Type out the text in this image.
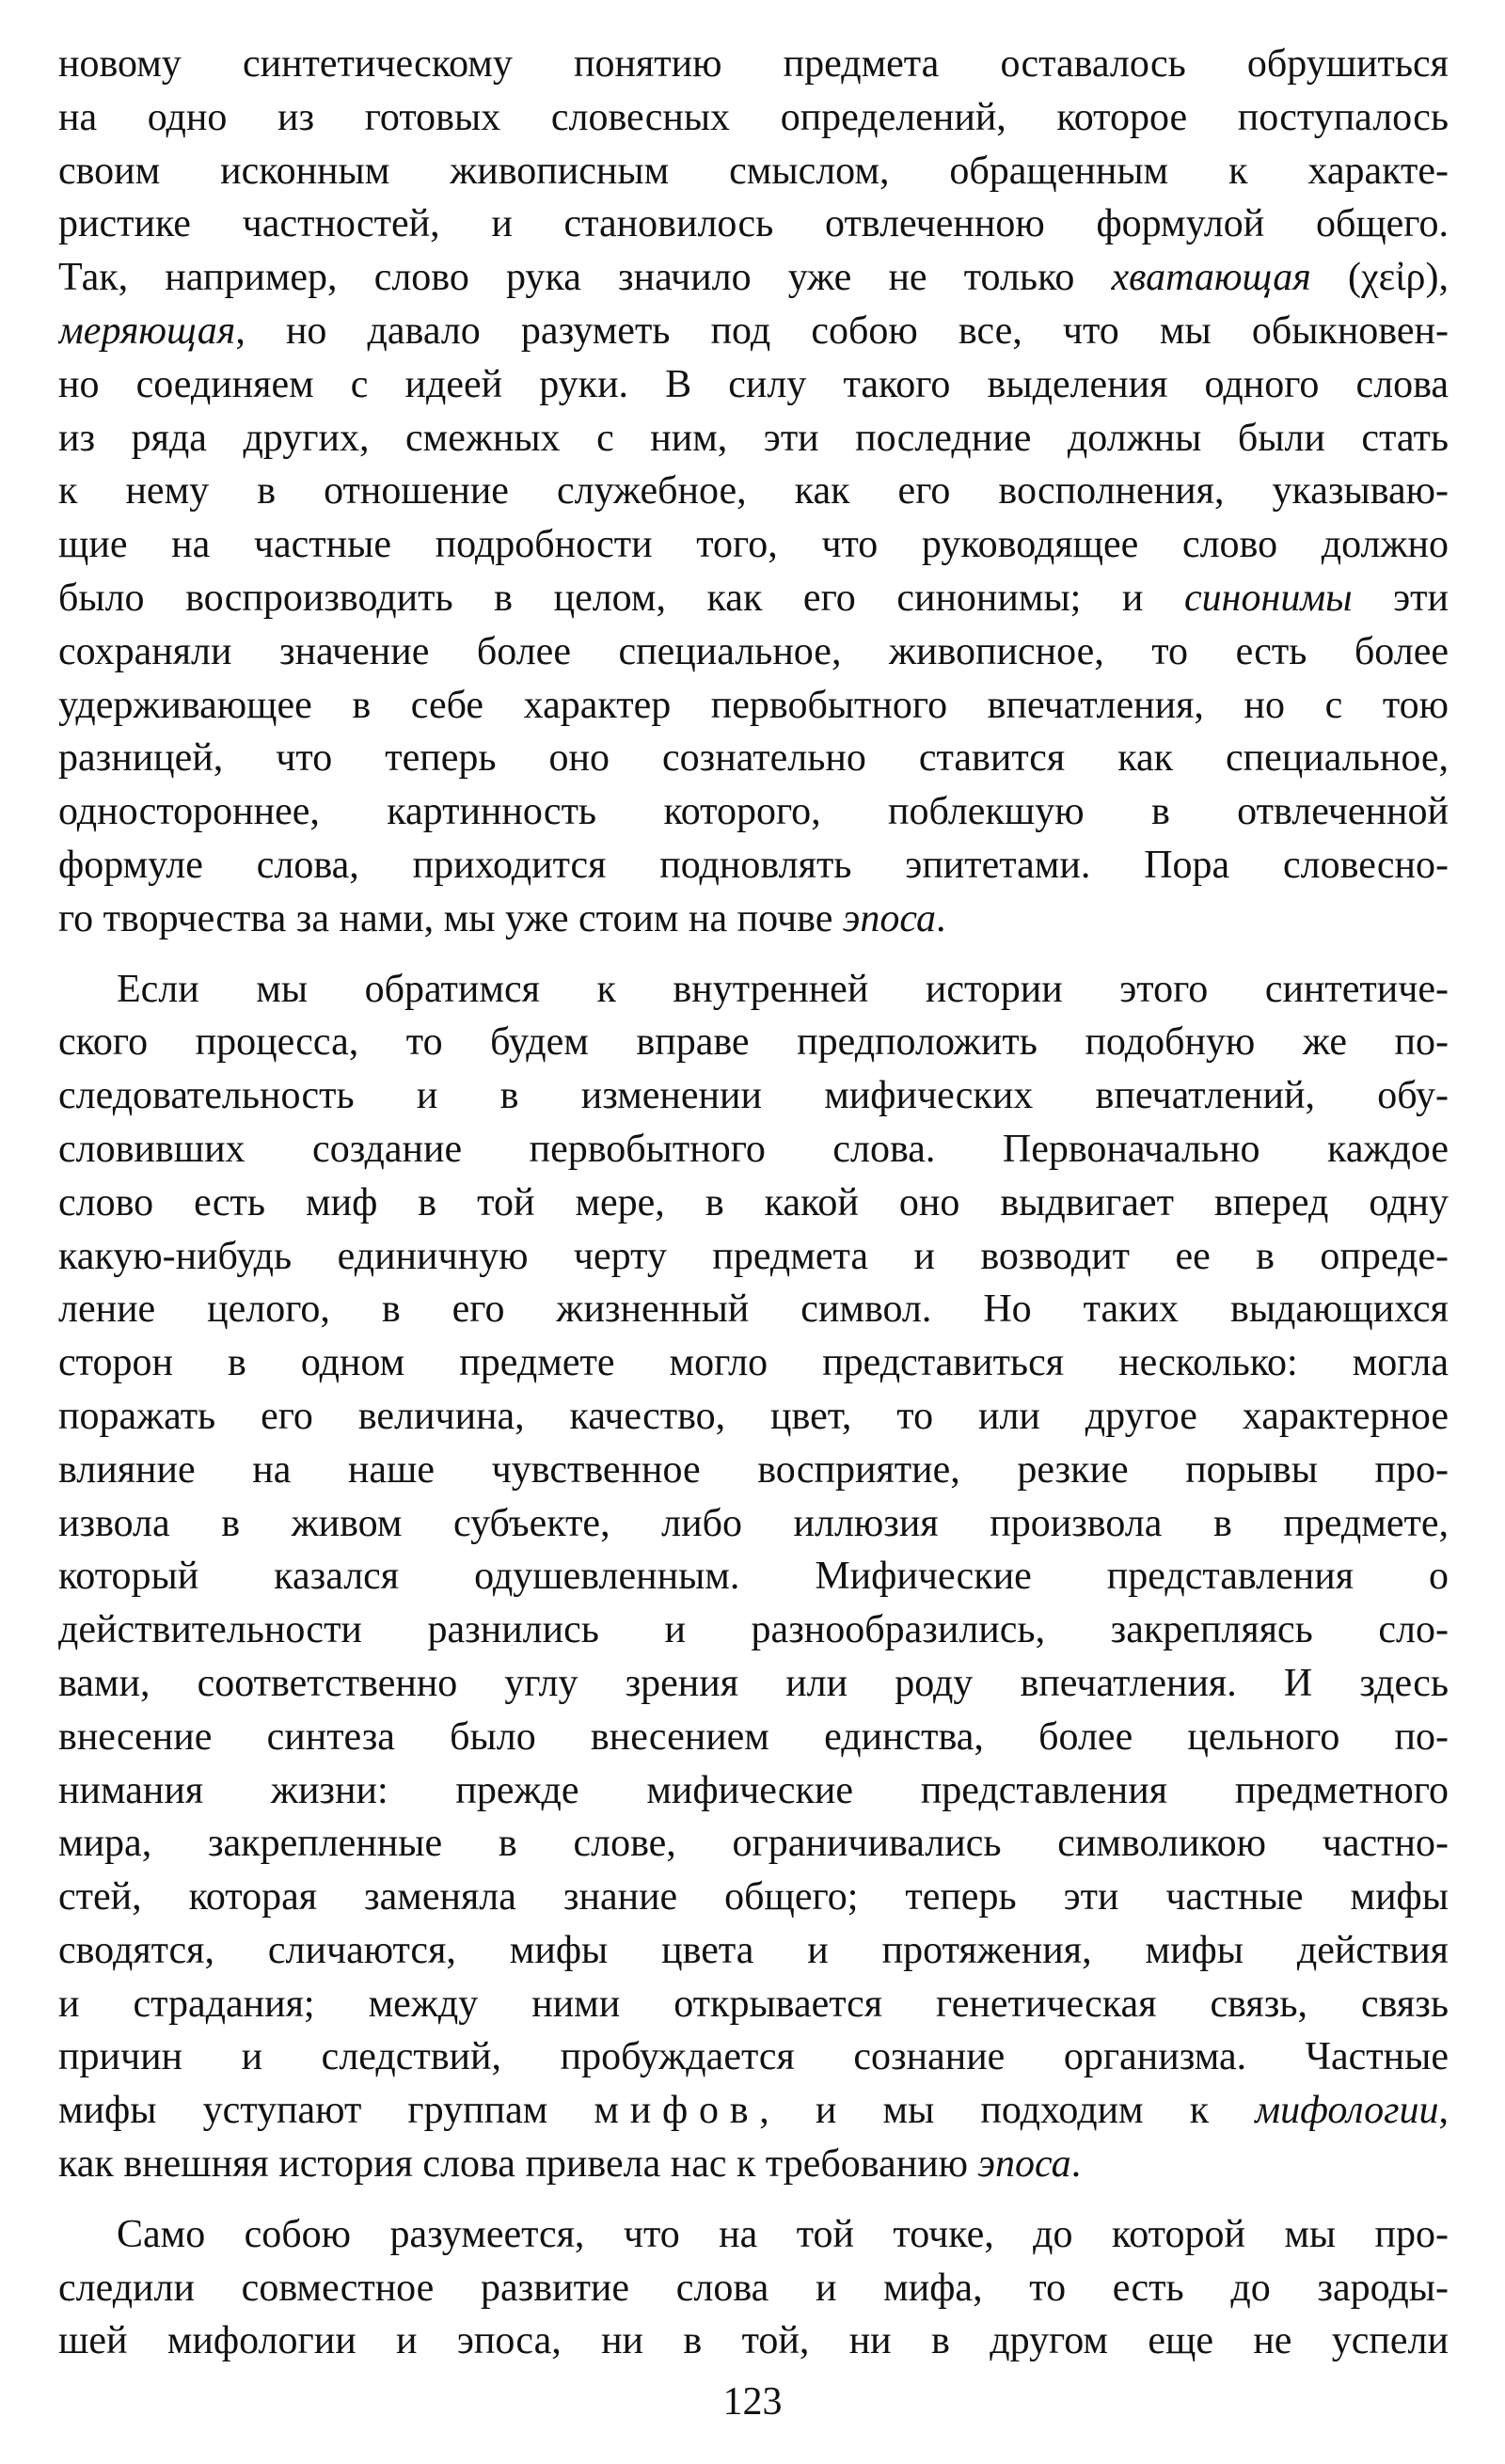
новому синтетическому понятию предмета оставалось обрушиться
на одно из готовых словесных определений, которое поступалось
своим исконным живописным смыслом, обращенным к характе-
ристике частностей, и становилось отвлеченною формулой общего.
Так, например, слово рука значило уже не только хватающая (χεἰρ),
меряющая, но давало разуметь под собою все, что мы обыкновен-
но соединяем с идеей руки. В силу такого выделения одного слова
из ряда других, смежных с ним, эти последние должны были стать
к нему в отношение служебное, как его восполнения, указываю-
щие на частные подробности того, что руководящее слово должно
было воспроизводить в целом, как его синонимы; и синонимы эти
сохраняли значение более специальное, живописное, то есть более
удерживающее в себе характер первобытного впечатления, но с тою
разницей, что теперь оно сознательно ставится как специальное,
одностороннее, картинность которого, поблекшую в отвлеченной
формуле слова, приходится подновлять эпитетами. Пора словесно-
го творчества за нами, мы уже стоим на почве эпоса.
Если мы обратимся к внутренней истории этого синтетиче-
ского процесса, то будем вправе предположить подобную же по-
следовательность и в изменении мифических впечатлений, обу-
словивших создание первобытного слова. Первоначально каждое
слово есть миф в той мере, в какой оно выдвигает вперед одну
какую-нибудь единичную черту предмета и возводит ее в опреде-
ление целого, в его жизненный символ. Но таких выдающихся
сторон в одном предмете могло представиться несколько: могла
поражать его величина, качество, цвет, то или другое характерное
влияние на наше чувственное восприятие, резкие порывы про-
извола в живом субъекте, либо иллюзия произвола в предмете,
который казался одушевленным. Мифические представления о
действительности разнились и разнообразились, закрепляясь сло-
вами, соответственно углу зрения или роду впечатления. И здесь
внесение синтеза было внесением единства, более цельного по-
нимания жизни: прежде мифические представления предметного
мира, закрепленные в слове, ограничивались символикою частно-
стей, которая заменяла знание общего; теперь эти частные мифы
сводятся, сличаются, мифы цвета и протяжения, мифы действия
и страдания; между ними открывается генетическая связь, связь
причин и следствий, пробуждается сознание организма. Частные
мифы уступают группам мифов, и мы подходим к мифологии,
как внешняя история слова привела нас к требованию эпоса.
Само собою разумеется, что на той точке, до которой мы про-
следили совместное развитие слова и мифа, то есть до зароды-
шей мифологии и эпоса, ни в той, ни в другом еще не успели
123
